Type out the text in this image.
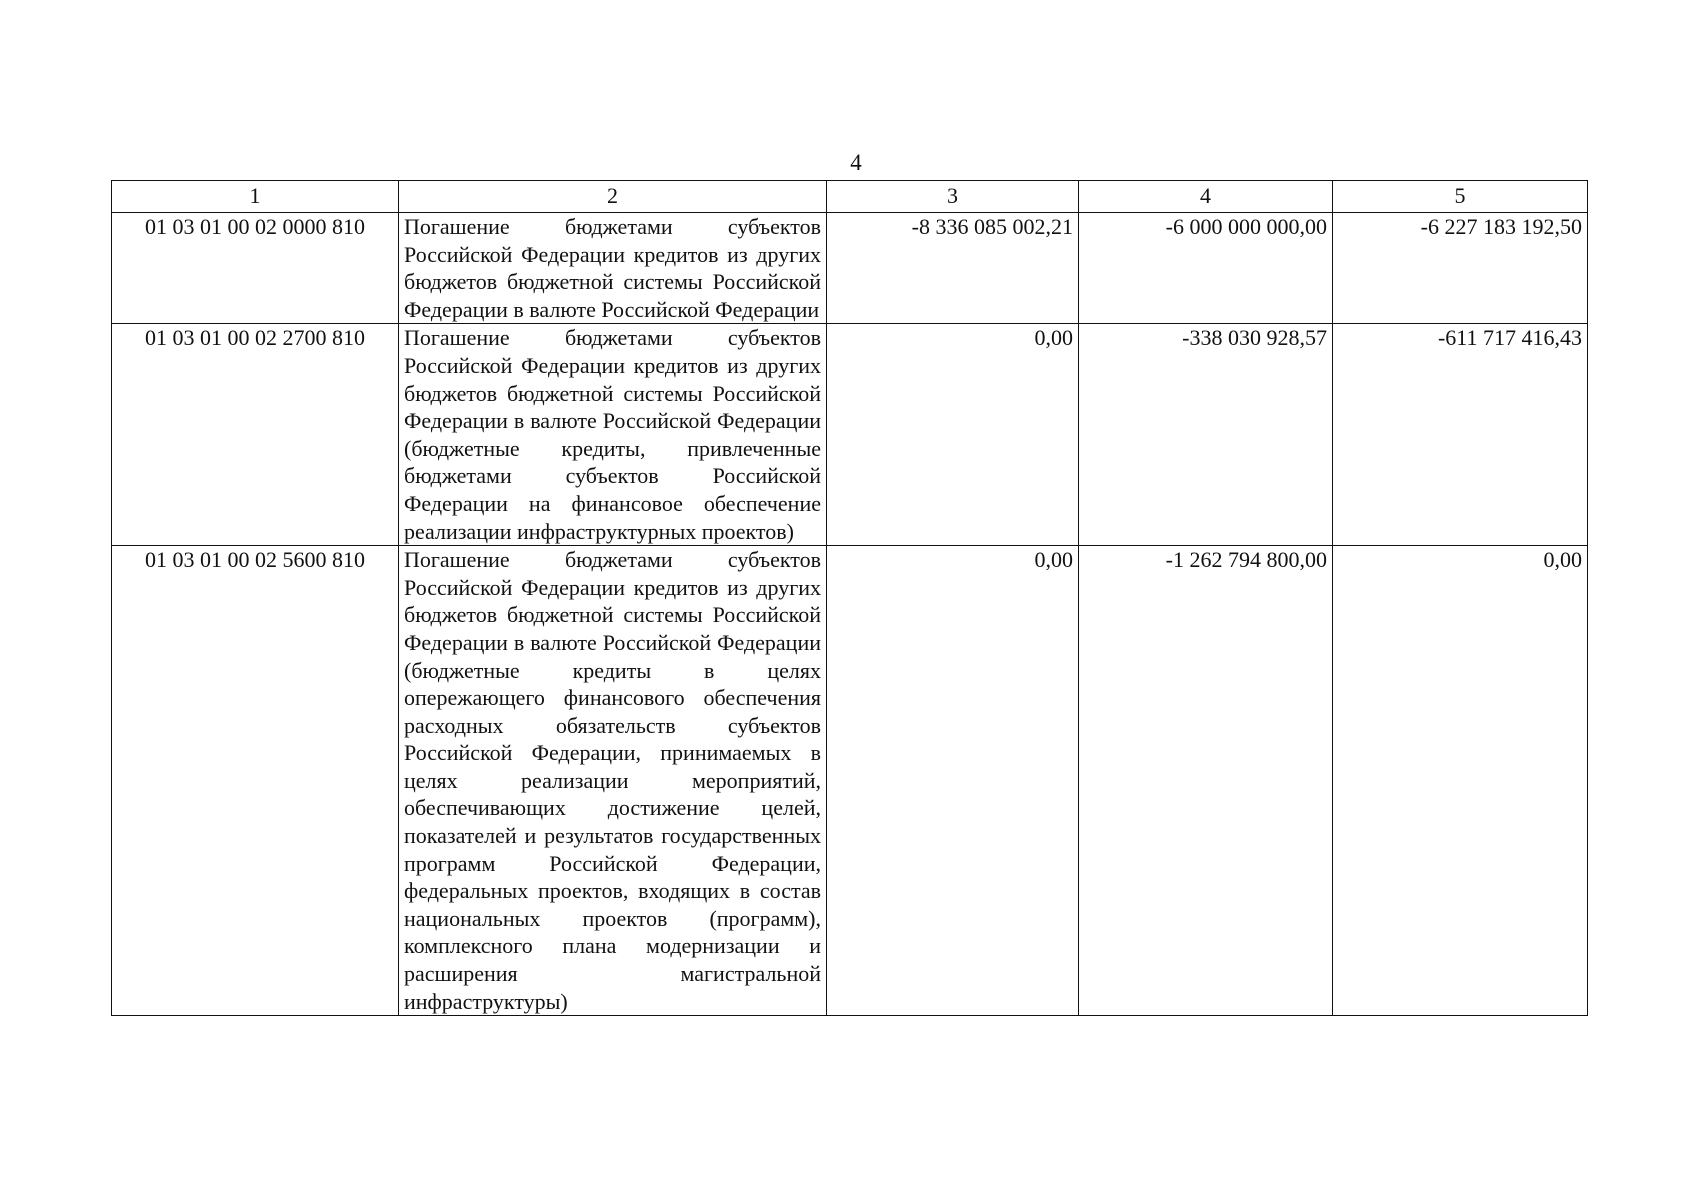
4
1	2	3	4	5
01 03 01 00 02 0000 810	Погашение бюджетами субъектов Российской Федерации кредитов из других бюджетов бюджетной системы Российской Федерации в валюте Российской Федерации	-8 336 085 002,21	-6 000 000 000,00	-6 227 183 192,50
01 03 01 00 02 2700 810	Погашение бюджетами субъектов Российской Федерации кредитов из других бюджетов бюджетной системы Российской Федерации в валюте Российской Федерации (бюджетные кредиты, привлеченные бюджетами субъектов Российской Федерации на финансовое обеспечение реализации инфраструктурных проектов)	0,00	-338 030 928,57	-611 717 416,43
01 03 01 00 02 5600 810	Погашение бюджетами субъектов Российской Федерации кредитов из других бюджетов бюджетной системы Российской Федерации в валюте Российской Федерации (бюджетные кредиты в целях опережающего финансового обеспечения расходных обязательств субъектов Российской Федерации, принимаемых в целях реализации мероприятий, обеспечивающих достижение целей, показателей и результатов государственных программ Российской Федерации, федеральных проектов, входящих в состав национальных проектов (программ), комплексного плана модернизации и расширения магистральной инфраструктуры)	0,00	-1 262 794 800,00	0,00
